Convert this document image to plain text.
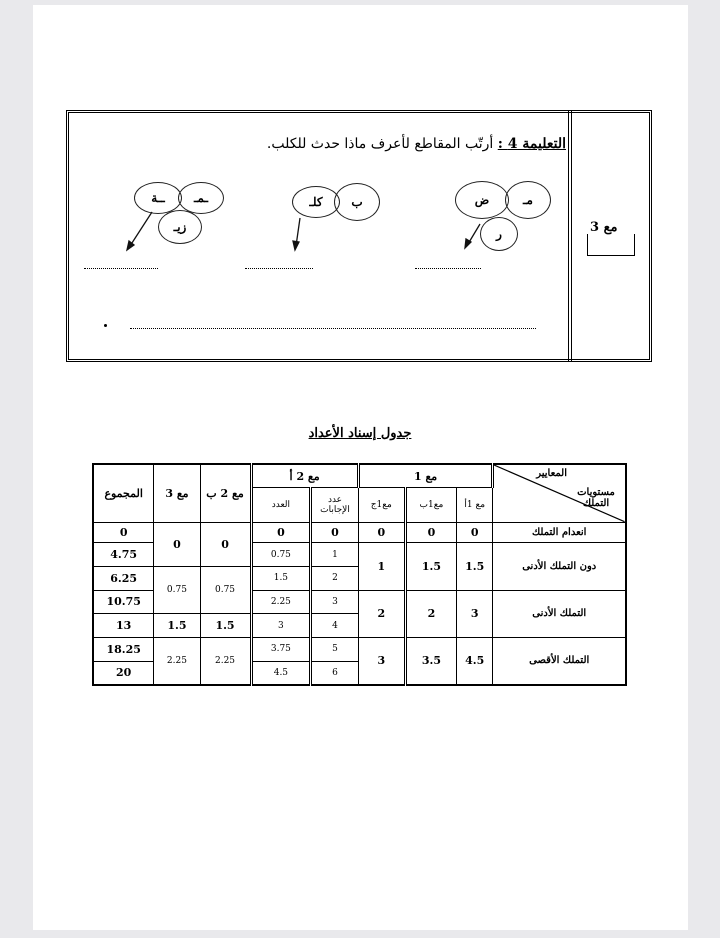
مع 3
التعليمة 4 : أرتّب المقاطع لأعرف ماذا حدث للكلب.
ــة	ـمـ
زيـ
كلـ	ب	ض	مـ
ر
جدول إسناد الأعداد
المعايير
مستويات التملك	مع 1			مع 2 أ		مع 2 ب	مع 3	المجموع
	مع 1أ	مع1ب	مع1ج	عدد الإجابات	العدد			
انعدام التملك	0	0	0	0	0	0	0	0
دون التملك الأدنى	1.5	1.5	1	1	0.75			4.75
				2	1.5	0.75	0.75	6.25
التملك الأدنى	3	2	2	3	2.25			10.75
				4	3	1.5	1.5	13
التملك الأقصى	4.5	3.5	3	5	3.75	2.25	2.25	18.25
				6	4.5			20
